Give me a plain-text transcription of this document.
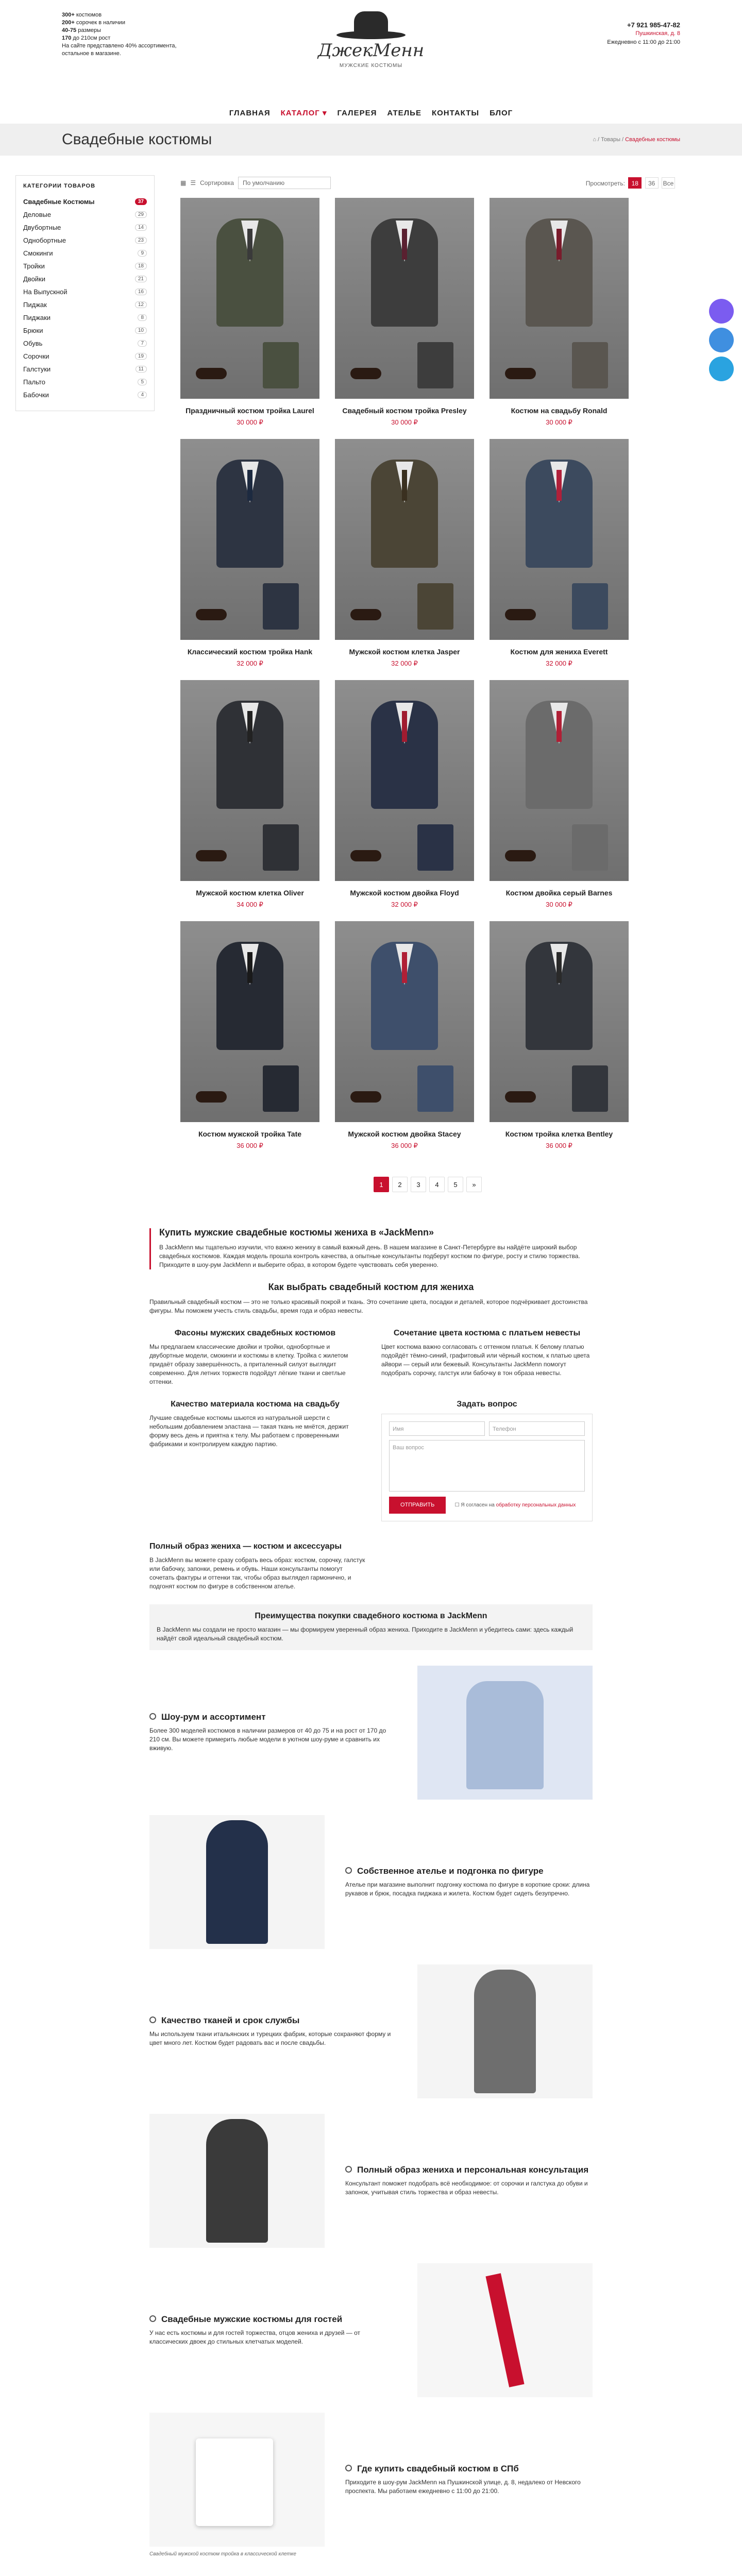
300+ костюмов
200+ сорочек в наличии
40-75 размеры
170 до 210см рост
На сайте представлено 40% ассортимента,
остальное в магазине.	ДжекМенн
МУЖСКИЕ КОСТЮМЫ
+7 921 985-47-82
Пушкинская, д. 8
Ежедневно с 11:00 до 21:00
ГЛАВНАЯ КАТАЛОГ ▾ ГАЛЕРЕЯ АТЕЛЬЕ КОНТАКТЫ БЛОГ
Свадебные костюмы	⌂ / Товары / Свадебные костюмы
КАТЕГОРИИ ТОВАРОВ
Свадебные Костюмы	37
Деловые	29
Двубортные	14
Однобортные	23
Смокинги	9
Тройки	18
Двойки	21
На Выпускной	16
Пиджак	12
Пиджаки	8
Брюки	10
Обувь	7
Сорочки	19
Галстуки	11
Пальто	5
Бабочки	4
▦ ☰ Сортировка	По умолчанию	Просмотреть: 18 36 Все
Праздничный костюм тройка Laurel
30 000 ₽
Свадебный костюм тройка Presley
30 000 ₽
Костюм на свадьбу Ronald
30 000 ₽
Классический костюм тройка Hank
32 000 ₽
Мужской костюм клетка Jasper
32 000 ₽
Костюм для жениха Everett
32 000 ₽
Мужской костюм клетка Oliver
34 000 ₽
Мужской костюм двойка Floyd
32 000 ₽
Костюм двойка серый Barnes
30 000 ₽
Костюм мужской тройка Tate
36 000 ₽
Мужской костюм двойка Stacey
36 000 ₽
Костюм тройка клетка Bentley
36 000 ₽
1 2 3 4 5 »
Купить мужские свадебные костюмы жениха в «JackMenn»

В JackMenn мы тщательно изучили, что важно жениху в самый важный день. В нашем магазине в Санкт-Петербурге вы найдёте широкий выбор свадебных костюмов. Каждая модель прошла контроль качества, а опытные консультанты подберут костюм по фигуре, росту и стилю торжества. Приходите в шоу-рум JackMenn и выберите образ, в котором будете чувствовать себя уверенно.

Как выбрать свадебный костюм для жениха

Правильный свадебный костюм — это не только красивый покрой и ткань. Это сочетание цвета, посадки и деталей, которое подчёркивает достоинства фигуры. Мы поможем учесть стиль свадьбы, время года и образ невесты.

Фасоны мужских свадебных костюмов

Мы предлагаем классические двойки и тройки, однобортные и двубортные модели, смокинги и костюмы в клетку. Тройка с жилетом придаёт образу завершённость, а приталенный силуэт выглядит современно. Для летних торжеств подойдут лёгкие ткани и светлые оттенки.

Сочетание цвета костюма с платьем невесты

Цвет костюма важно согласовать с оттенком платья. К белому платью подойдёт тёмно-синий, графитовый или чёрный костюм, к платью цвета айвори — серый или бежевый. Консультанты JackMenn помогут подобрать сорочку, галстук или бабочку в тон образа невесты.

Качество материала костюма на свадьбу

Лучшие свадебные костюмы шьются из натуральной шерсти с небольшим добавлением эластана — такая ткань не мнётся, держит форму весь день и приятна к телу. Мы работаем с проверенными фабриками и контролируем каждую партию.

Задать вопрос
Имя	Телефон
Ваш вопрос
ОТПРАВИТЬ	☐ Я согласен на обработку персональных данных
Полный образ жениха — костюм и аксессуары

В JackMenn вы можете сразу собрать весь образ: костюм, сорочку, галстук или бабочку, запонки, ремень и обувь. Наши консультанты помогут сочетать фактуры и оттенки так, чтобы образ выглядел гармонично, и подгонят костюм по фигуре в собственном ателье.

Преимущества покупки свадебного костюма в JackMenn

В JackMenn мы создали не просто магазин — мы формируем уверенный образ жениха. Приходите в JackMenn и убедитесь сами: здесь каждый найдёт свой идеальный свадебный костюм.

Шоу-рум и ассортимент

Более 300 моделей костюмов в наличии размеров от 40 до 75 и на рост от 170 до 210 см. Вы можете примерить любые модели в уютном шоу-руме и сравнить их вживую.

Собственное ателье и подгонка по фигуре

Ателье при магазине выполнит подгонку костюма по фигуре в короткие сроки: длина рукавов и брюк, посадка пиджака и жилета. Костюм будет сидеть безупречно.

Качество тканей и срок службы

Мы используем ткани итальянских и турецких фабрик, которые сохраняют форму и цвет много лет. Костюм будет радовать вас и после свадьбы.

Полный образ жениха и персональная консультация

Консультант поможет подобрать всё необходимое: от сорочки и галстука до обуви и запонок, учитывая стиль торжества и образ невесты.

Свадебные мужские костюмы для гостей

У нас есть костюмы и для гостей торжества, отцов жениха и друзей — от классических двоек до стильных клетчатых моделей.

Где купить свадебный костюм в СПб

Приходите в шоу-рум JackMenn на Пушкинской улице, д. 8, недалеко от Невского проспекта. Мы работаем ежедневно с 11:00 до 21:00.

Свадебный мужской костюм тройка в классической клетке
